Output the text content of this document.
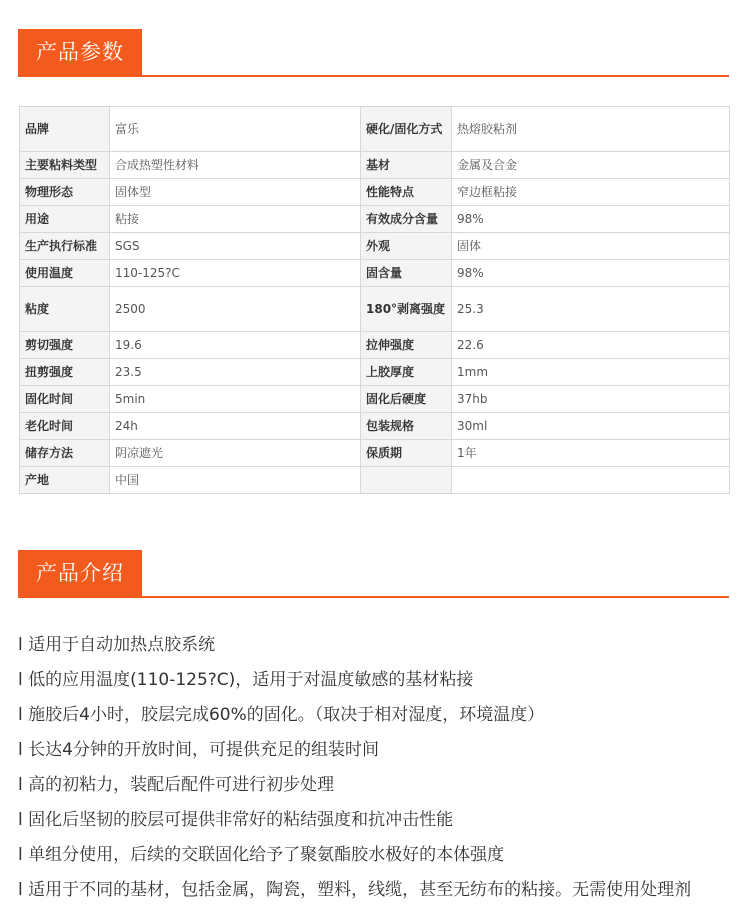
产品参数
品牌	富乐	硬化/固化方式	热熔胶粘剂
主要粘料类型	合成热塑性材料	基材	金属及合金
物理形态	固体型	性能特点	窄边框粘接
用途	粘接	有效成分含量	98%
生产执行标准	SGS	外观	固体
使用温度	110-125?C	固含量	98%
粘度	2500	180°剥离强度	25.3
剪切强度	19.6	拉伸强度	22.6
扭剪强度	23.5	上胶厚度	1mm
固化时间	5min	固化后硬度	37hb
老化时间	24h	包装规格	30ml
储存方法	阴凉遮光	保质期	1年
产地	中国		
产品介绍
l 适用于自动加热点胶系统
l 低的应用温度(110-125?C)，适用于对温度敏感的基材粘接
l 施胶后4小时，胶层完成60%的固化。（取决于相对湿度，环境温度）
l 长达4分钟的开放时间，可提供充足的组装时间
l 高的初粘力，装配后配件可进行初步处理
l 固化后坚韧的胶层可提供非常好的粘结强度和抗冲击性能
l 单组分使用，后续的交联固化给予了聚氨酯胶水极好的本体强度
l 适用于不同的基材，包括金属，陶瓷，塑料，线缆，甚至无纺布的粘接。无需使用处理剂
